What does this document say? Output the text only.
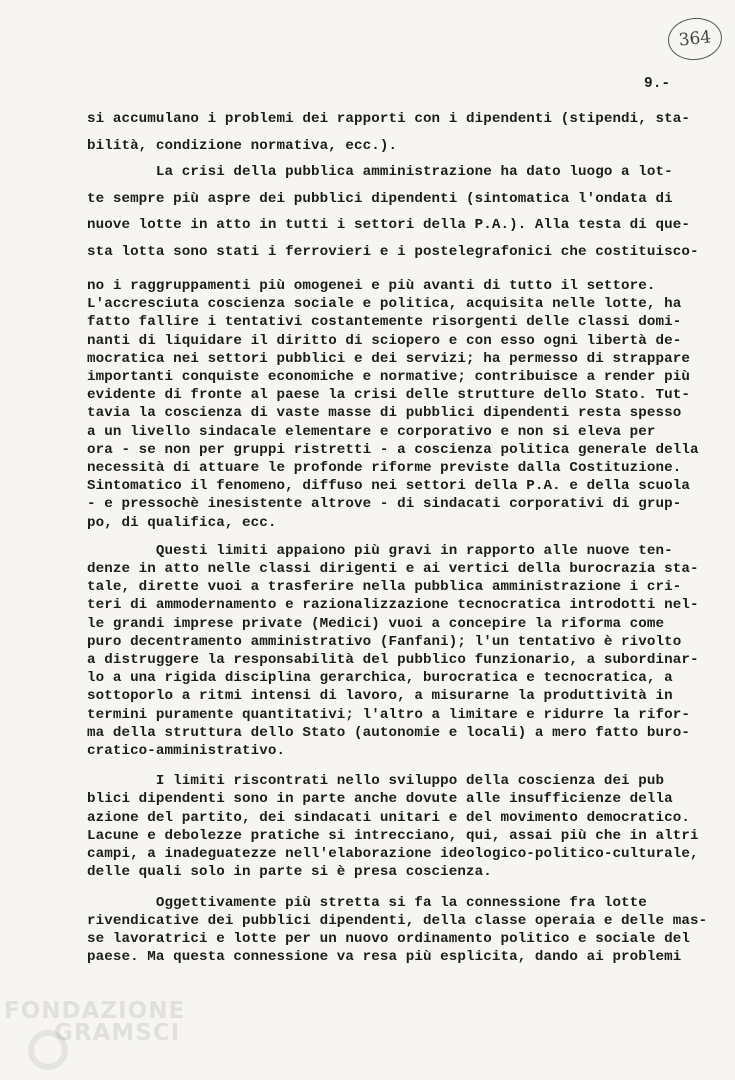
364
9.-
si accumulano i problemi dei rapporti con i dipendenti (stipendi, sta-
bilità, condizione normativa, ecc.).
La crisi della pubblica amministrazione ha dato luogo a lot-
te sempre più aspre dei pubblici dipendenti (sintomatica l'ondata di
nuove lotte in atto in tutti i settori della P.A.). Alla testa di que-
sta lotta sono stati i ferrovieri e i postelegrafonici che costituisco-
no i raggruppamenti più omogenei e più avanti di tutto il settore.
L'accresciuta coscienza sociale e politica, acquisita nelle lotte, ha
fatto fallire i tentativi costantemente risorgenti delle classi domi-
nanti di liquidare il diritto di sciopero e con esso ogni libertà de-
mocratica nei settori pubblici e dei servizi; ha permesso di strappare
importanti conquiste economiche e normative; contribuisce a render più
evidente di fronte al paese la crisi delle strutture dello Stato. Tut-
tavia la coscienza di vaste masse di pubblici dipendenti resta spesso
a un livello sindacale elementare e corporativo e non si eleva per
ora - se non per gruppi ristretti - a coscienza politica generale della
necessità di attuare le profonde riforme previste dalla Costituzione.
Sintomatico il fenomeno, diffuso nei settori della P.A. e della scuola
- e pressochè inesistente altrove - di sindacati corporativi di grup-
po, di qualifica, ecc.
Questi limiti appaiono più gravi in rapporto alle nuove ten-
denze in atto nelle classi dirigenti e ai vertici della burocrazia sta-
tale, dirette vuoi a trasferire nella pubblica amministrazione i cri-
teri di ammodernamento e razionalizzazione tecnocratica introdotti nel-
le grandi imprese private (Medici) vuoi a concepire la riforma come
puro decentramento amministrativo (Fanfani); l'un tentativo è rivolto
a distruggere la responsabilità del pubblico funzionario, a subordinar-
lo a una rigida disciplina gerarchica, burocratica e tecnocratica, a
sottoporlo a ritmi intensi di lavoro, a misurarne la produttività in
termini puramente quantitativi; l'altro a limitare e ridurre la rifor-
ma della struttura dello Stato (autonomie e locali) a mero fatto buro-
cratico-amministrativo.
I limiti riscontrati nello sviluppo della coscienza dei pub
blici dipendenti sono in parte anche dovute alle insufficienze della
azione del partito, dei sindacati unitari e del movimento democratico.
Lacune e debolezze pratiche si intrecciano, qui, assai più che in altri
campi, a inadeguatezze nell'elaborazione ideologico-politico-culturale,
delle quali solo in parte si è presa coscienza.
Oggettivamente più stretta si fa la connessione fra lotte
rivendicative dei pubblici dipendenti, della classe operaia e delle mas-
se lavoratrici e lotte per un nuovo ordinamento politico e sociale del
paese. Ma questa connessione va resa più esplicita, dando ai problemi
FONDAZIONE
GRAMSCI
